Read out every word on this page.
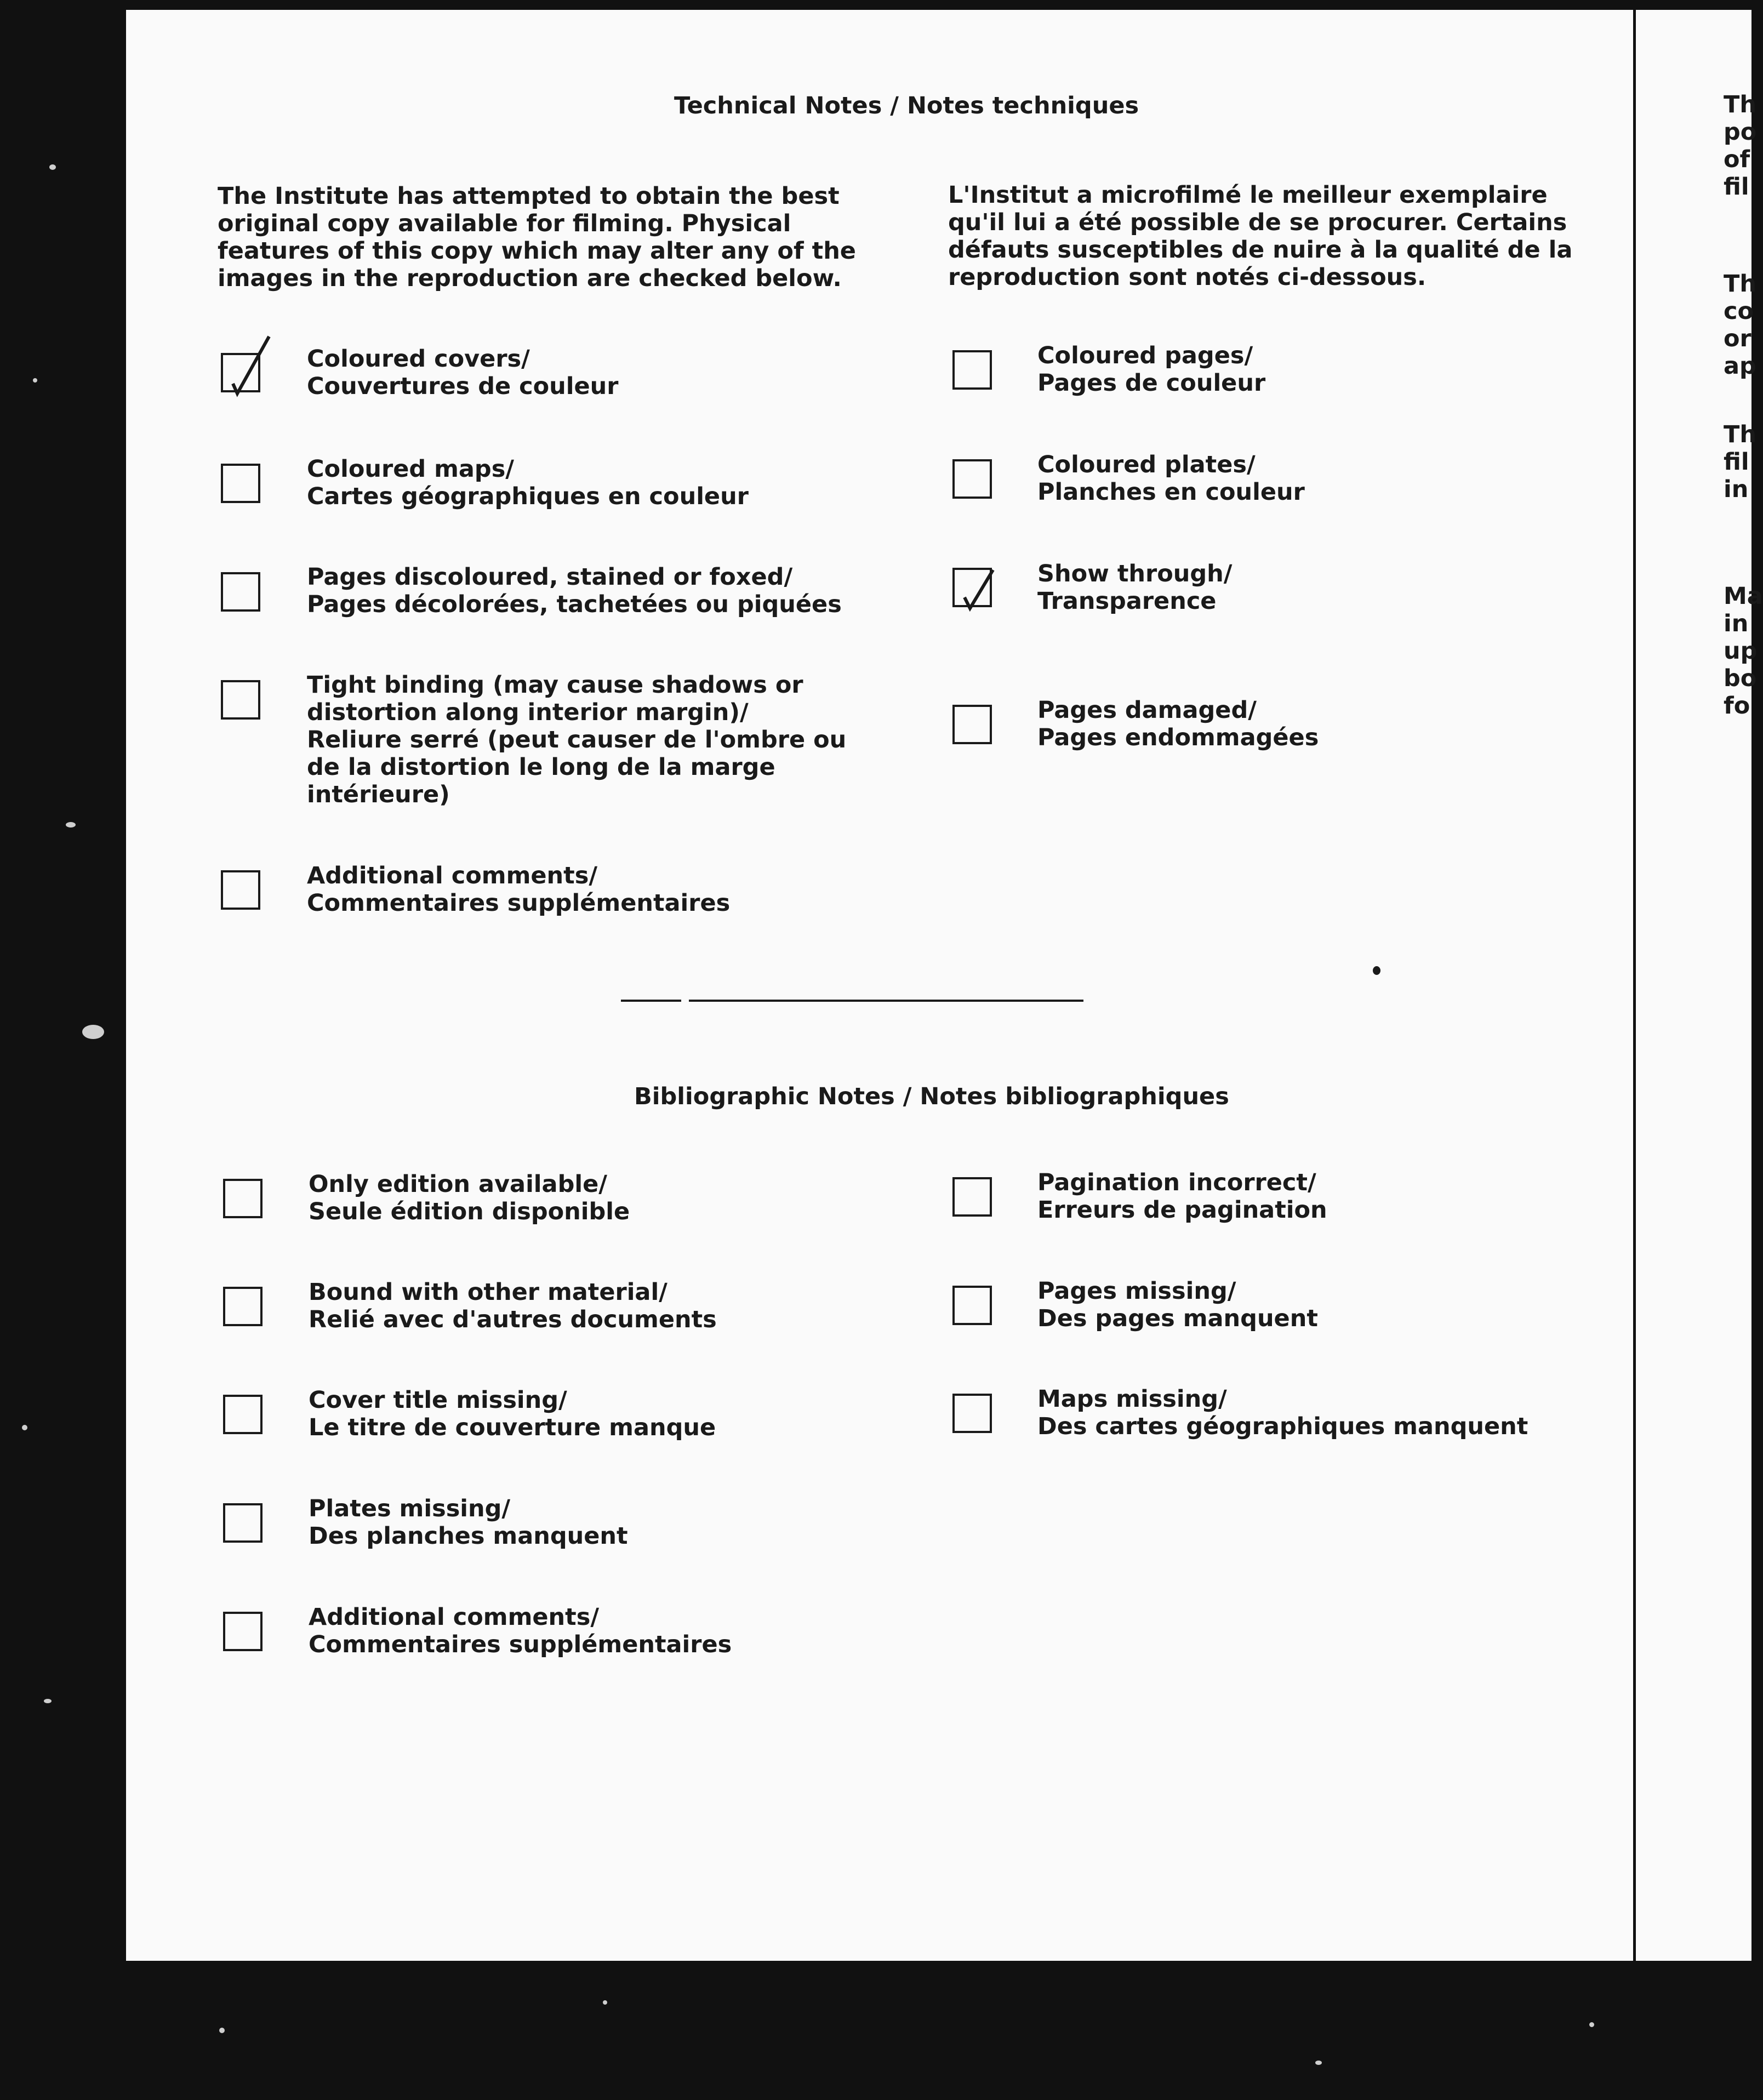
Technical Notes / Notes techniques
The Institute has attempted to obtain the best
original copy available for filming. Physical
features of this copy which may alter any of the
images in the reproduction are checked below.
L'Institut a microfilmé le meilleur exemplaire
qu'il lui a été possible de se procurer. Certains
défauts susceptibles de nuire à la qualité de la
reproduction sont notés ci-dessous.
Coloured covers/
Couvertures de couleur
Coloured maps/
Cartes géographiques en couleur
Pages discoloured, stained or foxed/
Pages décolorées, tachetées ou piquées
Tight binding (may cause shadows or
distortion along interior margin)/
Reliure serré (peut causer de l'ombre ou
de la distortion le long de la marge
intérieure)
Additional comments/
Commentaires supplémentaires
Coloured pages/
Pages de couleur
Coloured plates/
Planches en couleur
Show through/
Transparence
Pages damaged/
Pages endommagées
Bibliographic Notes / Notes bibliographiques
Only edition available/
Seule édition disponible
Bound with other material/
Relié avec d'autres documents
Cover title missing/
Le titre de couverture manque
Plates missing/
Des planches manquent
Additional comments/
Commentaires supplémentaires
Pagination incorrect/
Erreurs de pagination
Pages missing/
Des pages manquent
Maps missing/
Des cartes géographiques manquent
Th
po
of
fil
Th
co
or
ap
Th
fil
in
Ma
in
up
bo
fo
